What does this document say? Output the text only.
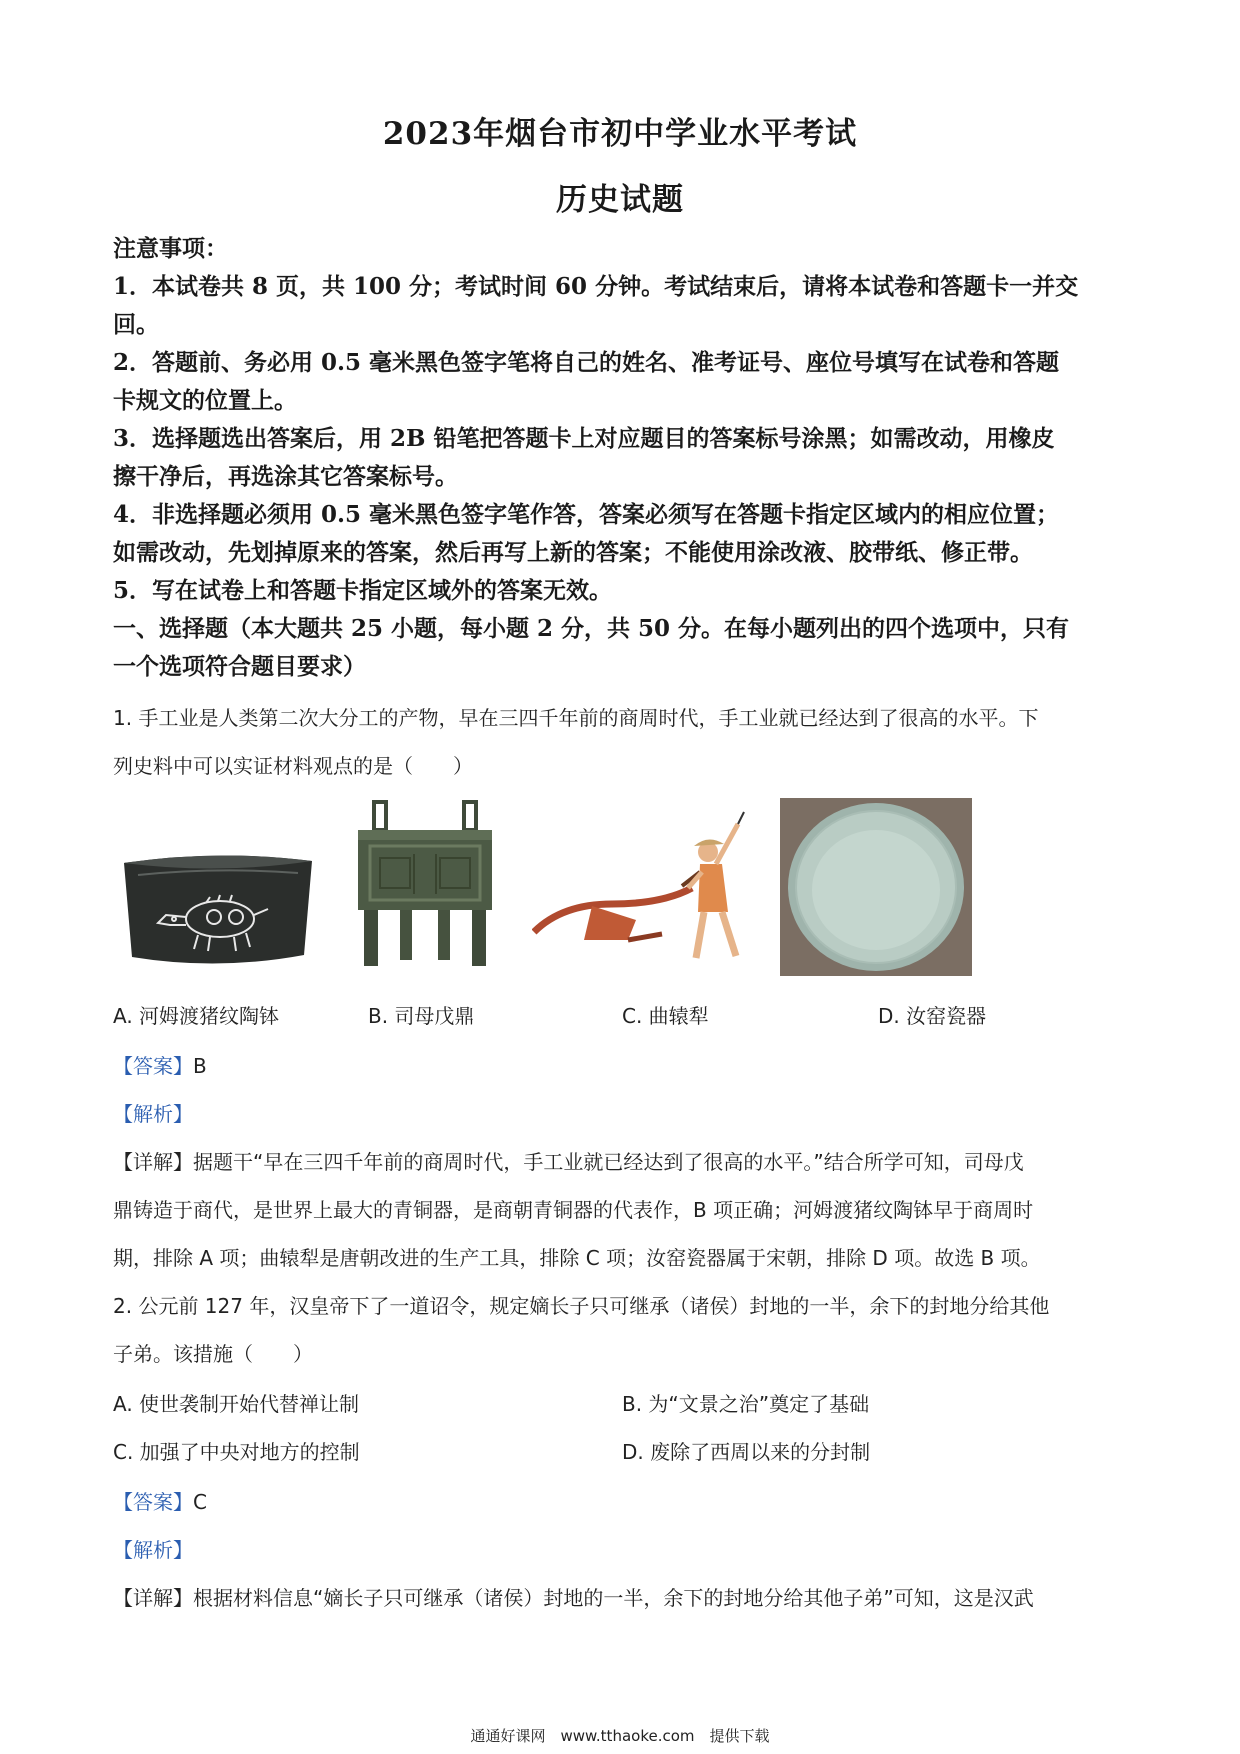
2023年烟台市初中学业水平考试
历史试题
注意事项：
1．本试卷共 8 页，共 100 分；考试时间 60 分钟。考试结束后，请将本试卷和答题卡一并交
回。
2．答题前、务必用 0.5 毫米黑色签字笔将自己的姓名、准考证号、座位号填写在试卷和答题
卡规文的位置上。
3．选择题选出答案后，用 2B 铅笔把答题卡上对应题目的答案标号涂黑；如需改动，用橡皮
擦干净后，再选涂其它答案标号。
4．非选择题必须用 0.5 毫米黑色签字笔作答，答案必须写在答题卡指定区域内的相应位置；
如需改动，先划掉原来的答案，然后再写上新的答案；不能使用涂改液、胶带纸、修正带。
5．写在试卷上和答题卡指定区域外的答案无效。
一、选择题（本大题共 25 小题，每小题 2 分，共 50 分。在每小题列出的四个选项中，只有
一个选项符合题目要求）
1. 手工业是人类第二次大分工的产物，早在三四千年前的商周时代，手工业就已经达到了很高的水平。下
列史料中可以实证材料观点的是（　　）
A. 河姆渡猪纹陶钵	B. 司母戊鼎	C. 曲辕犁	D. 汝窑瓷器
【答案】B
【解析】
【详解】据题干“早在三四千年前的商周时代，手工业就已经达到了很高的水平。”结合所学可知，司母戊
鼎铸造于商代，是世界上最大的青铜器，是商朝青铜器的代表作，B 项正确；河姆渡猪纹陶钵早于商周时
期，排除 A 项；曲辕犁是唐朝改进的生产工具，排除 C 项；汝窑瓷器属于宋朝，排除 D 项。故选 B 项。
2. 公元前 127 年，汉皇帝下了一道诏令，规定嫡长子只可继承（诸侯）封地的一半，余下的封地分给其他
子弟。该措施（　　）
A. 使世袭制开始代替禅让制	B. 为“文景之治”奠定了基础
C. 加强了中央对地方的控制	D. 废除了西周以来的分封制
【答案】C
【解析】
【详解】根据材料信息“嫡长子只可继承（诸侯）封地的一半，余下的封地分给其他子弟”可知，这是汉武
通通好课网　www.tthaoke.com　提供下载
